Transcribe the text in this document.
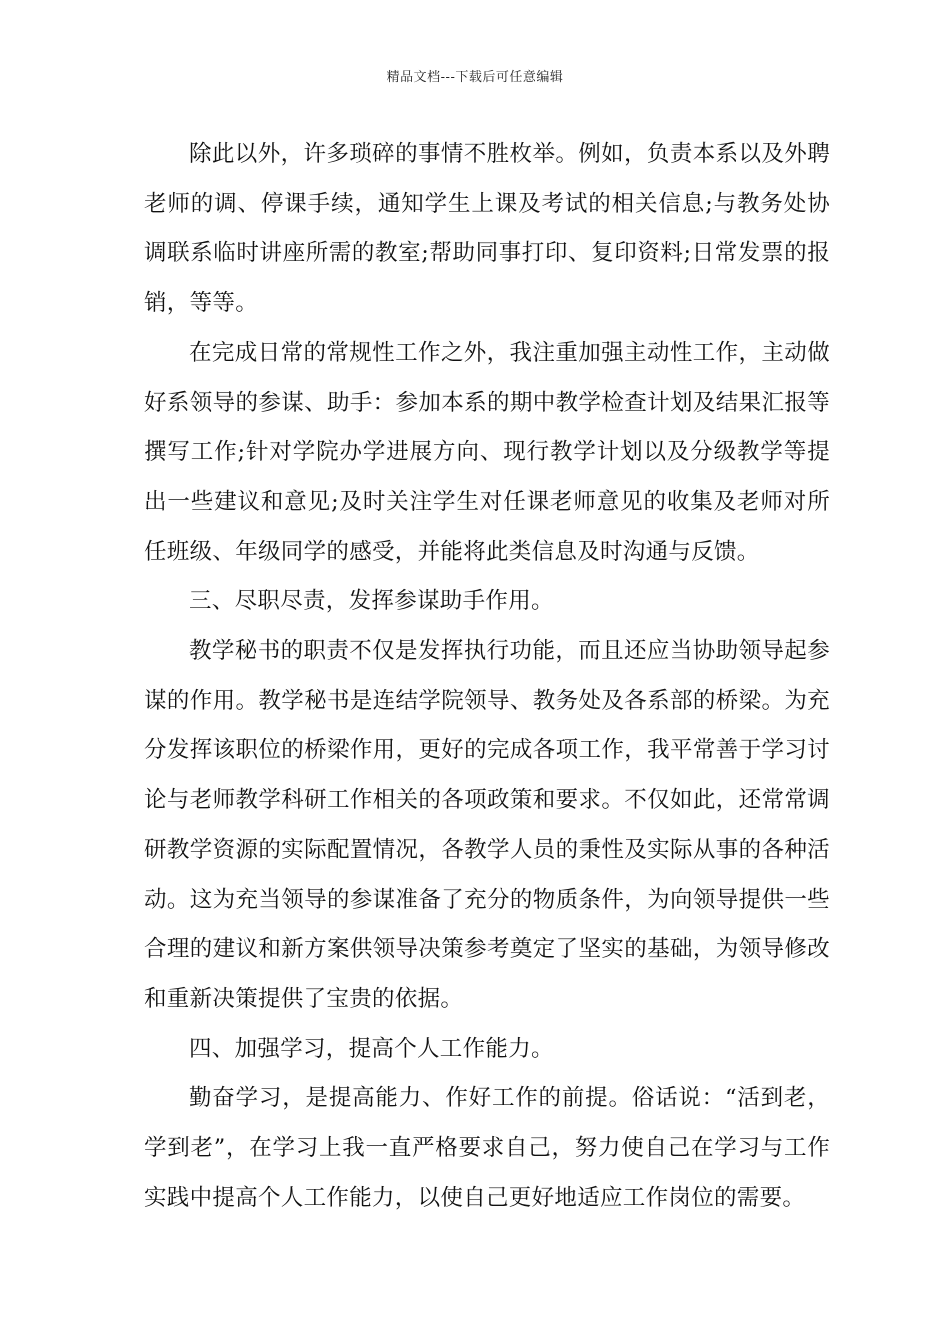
精品文档---下载后可任意编辑

除此以外，许多琐碎的事情不胜枚举。例如，负责本系以及外聘老师的调、停课手续，通知学生上课及考试的相关信息;与教务处协调联系临时讲座所需的教室;帮助同事打印、复印资料;日常发票的报销，等等。

在完成日常的常规性工作之外，我注重加强主动性工作，主动做好系领导的参谋、助手：参加本系的期中教学检查计划及结果汇报等撰写工作;针对学院办学进展方向、现行教学计划以及分级教学等提出一些建议和意见;及时关注学生对任课老师意见的收集及老师对所任班级、年级同学的感受，并能将此类信息及时沟通与反馈。

三、尽职尽责，发挥参谋助手作用。

教学秘书的职责不仅是发挥执行功能，而且还应当协助领导起参谋的作用。教学秘书是连结学院领导、教务处及各系部的桥梁。为充分发挥该职位的桥梁作用，更好的完成各项工作，我平常善于学习讨论与老师教学科研工作相关的各项政策和要求。不仅如此，还常常调研教学资源的实际配置情况，各教学人员的秉性及实际从事的各种活动。这为充当领导的参谋准备了充分的物质条件，为向领导提供一些合理的建议和新方案供领导决策参考奠定了坚实的基础，为领导修改和重新决策提供了宝贵的依据。

四、加强学习，提高个人工作能力。

勤奋学习，是提高能力、作好工作的前提。俗话说：“活到老，学到老”，在学习上我一直严格要求自己，努力使自己在学习与工作实践中提高个人工作能力，以使自己更好地适应工作岗位的需要。
